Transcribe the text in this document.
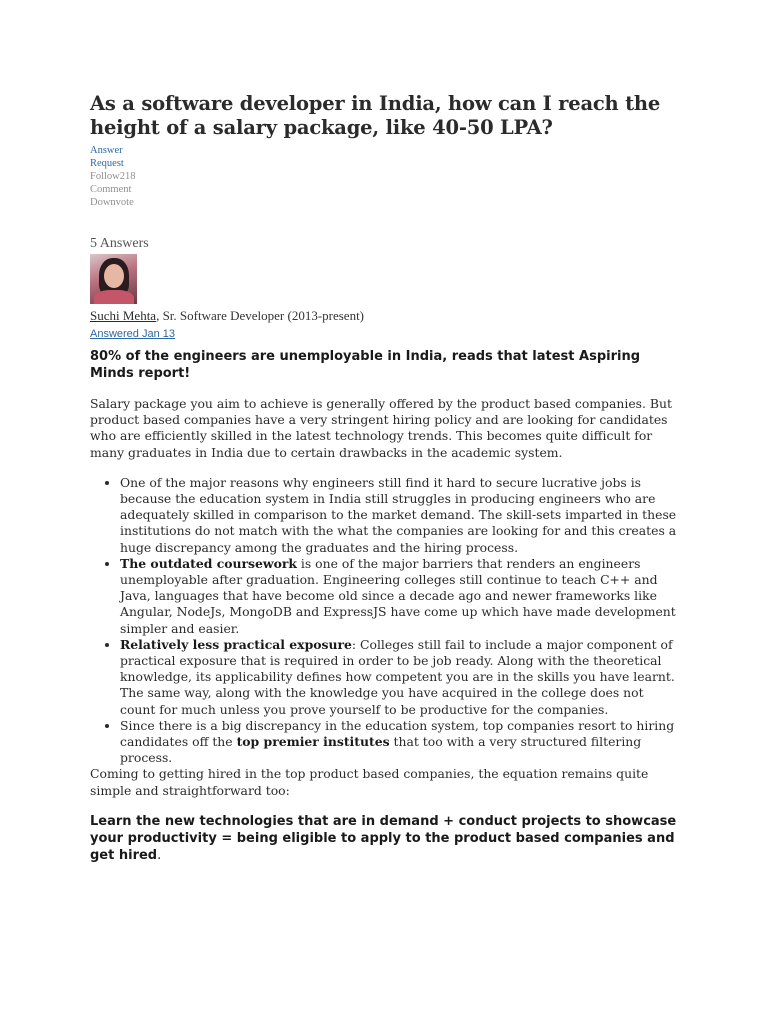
As a software developer in India, how can I reach the height of a salary package, like 40-50 LPA?
Answer
Request
Follow218
Comment
Downvote
5 Answers
Suchi Mehta, Sr. Software Developer (2013-present)
Answered Jan 13

80% of the engineers are unemployable in India, reads that latest Aspiring Minds report!

Salary package you aim to achieve is generally offered by the product based companies. But product based companies have a very stringent hiring policy and are looking for candidates who are efficiently skilled in the latest technology trends. This becomes quite difficult for many graduates in India due to certain drawbacks in the academic system.

• One of the major reasons why engineers still find it hard to secure lucrative jobs is because the education system in India still struggles in producing engineers who are adequately skilled in comparison to the market demand. The skill-sets imparted in these institutions do not match with the what the companies are looking for and this creates a huge discrepancy among the graduates and the hiring process.
• The outdated coursework is one of the major barriers that renders an engineers unemployable after graduation. Engineering colleges still continue to teach C++ and Java, languages that have become old since a decade ago and newer frameworks like Angular, NodeJs, MongoDB and ExpressJS have come up which have made development simpler and easier.
• Relatively less practical exposure: Colleges still fail to include a major component of practical exposure that is required in order to be job ready. Along with the theoretical knowledge, its applicability defines how competent you are in the skills you have learnt. The same way, along with the knowledge you have acquired in the college does not count for much unless you prove yourself to be productive for the companies.
• Since there is a big discrepancy in the education system, top companies resort to hiring candidates off the top premier institutes that too with a very structured filtering process.

Coming to getting hired in the top product based companies, the equation remains quite simple and straightforward too:

Learn the new technologies that are in demand + conduct projects to showcase your productivity = being eligible to apply to the product based companies and get hired.
